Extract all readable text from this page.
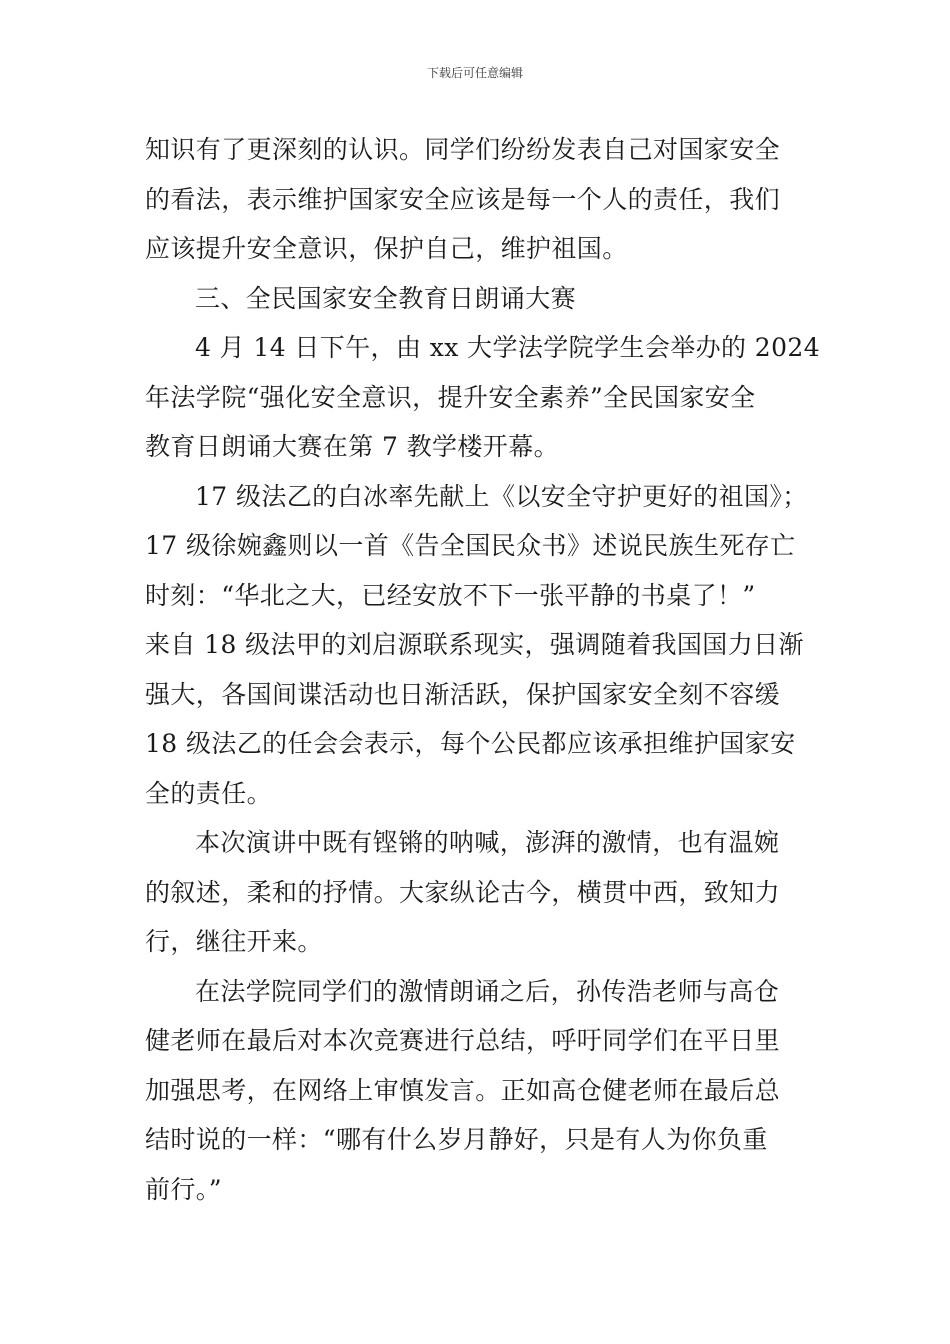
下载后可任意编辑
知识有了更深刻的认识。同学们纷纷发表自己对国家安全
的看法，表示维护国家安全应该是每一个人的责任，我们
应该提升安全意识，保护自己，维护祖国。
三、全民国家安全教育日朗诵大赛
4 月 14 日下午，由 xx 大学法学院学生会举办的 2024
年法学院“强化安全意识，提升安全素养”全民国家安全
教育日朗诵大赛在第 7 教学楼开幕。
17 级法乙的白冰率先献上《以安全守护更好的祖国》；
17 级徐婉鑫则以一首《告全国民众书》述说民族生死存亡
时刻：“华北之大，已经安放不下一张平静的书桌了！”
来自 18 级法甲的刘启源联系现实，强调随着我国国力日渐
强大，各国间谍活动也日渐活跃，保护国家安全刻不容缓
18 级法乙的任会会表示，每个公民都应该承担维护国家安
全的责任。
本次演讲中既有铿锵的呐喊，澎湃的激情，也有温婉
的叙述，柔和的抒情。大家纵论古今，横贯中西，致知力
行，继往开来。
在法学院同学们的激情朗诵之后，孙传浩老师与高仓
健老师在最后对本次竞赛进行总结，呼吁同学们在平日里
加强思考，在网络上审慎发言。正如高仓健老师在最后总
结时说的一样：“哪有什么岁月静好，只是有人为你负重
前行。”
